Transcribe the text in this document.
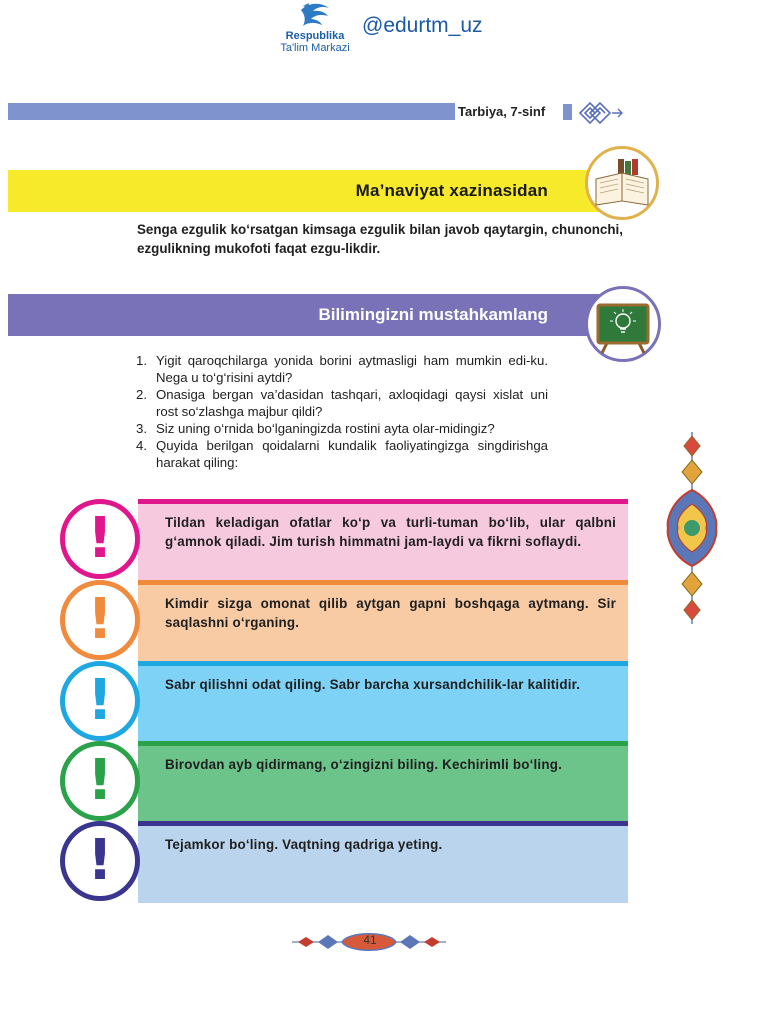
Respublika
Ta'lim Markazi
@edurtm_uz
Tarbiya, 7-sinf
Ma’naviyat xazinasidan
Senga ezgulik ko‘rsatgan kimsaga ezgulik bilan javob qaytargin, chunonchi, ezgulikning mukofoti faqat ezgu-likdir.
Bilimingizni mustahkamlang
1. Yigit qaroqchilarga yonida borini aytmasligi ham mumkin edi-ku. Nega u to‘g‘risini aytdi?
2. Onasiga bergan va’dasidan tashqari, axloqidagi qaysi xislat uni rost so‘zlashga majbur qildi?
3. Siz uning o‘rnida bo‘lganingizda rostini ayta olar-midingiz?
4. Quyida berilgan qoidalarni kundalik faoliyatingizga singdirishga harakat qiling:
!	Tildan keladigan ofatlar ko‘p va turli-tuman bo‘lib, ular qalbni g‘amnok qiladi. Jim turish himmatni jam-laydi va fikrni soflaydi.
!	Kimdir sizga omonat qilib aytgan gapni boshqaga aytmang. Sir saqlashni o‘rganing.
!	Sabr qilishni odat qiling. Sabr barcha xursandchilik-lar kalitidir.
!	Birovdan ayb qidirmang, o‘zingizni biling. Kechirimli bo‘ling.
!	Tejamkor bo‘ling. Vaqtning qadriga yeting.
41
